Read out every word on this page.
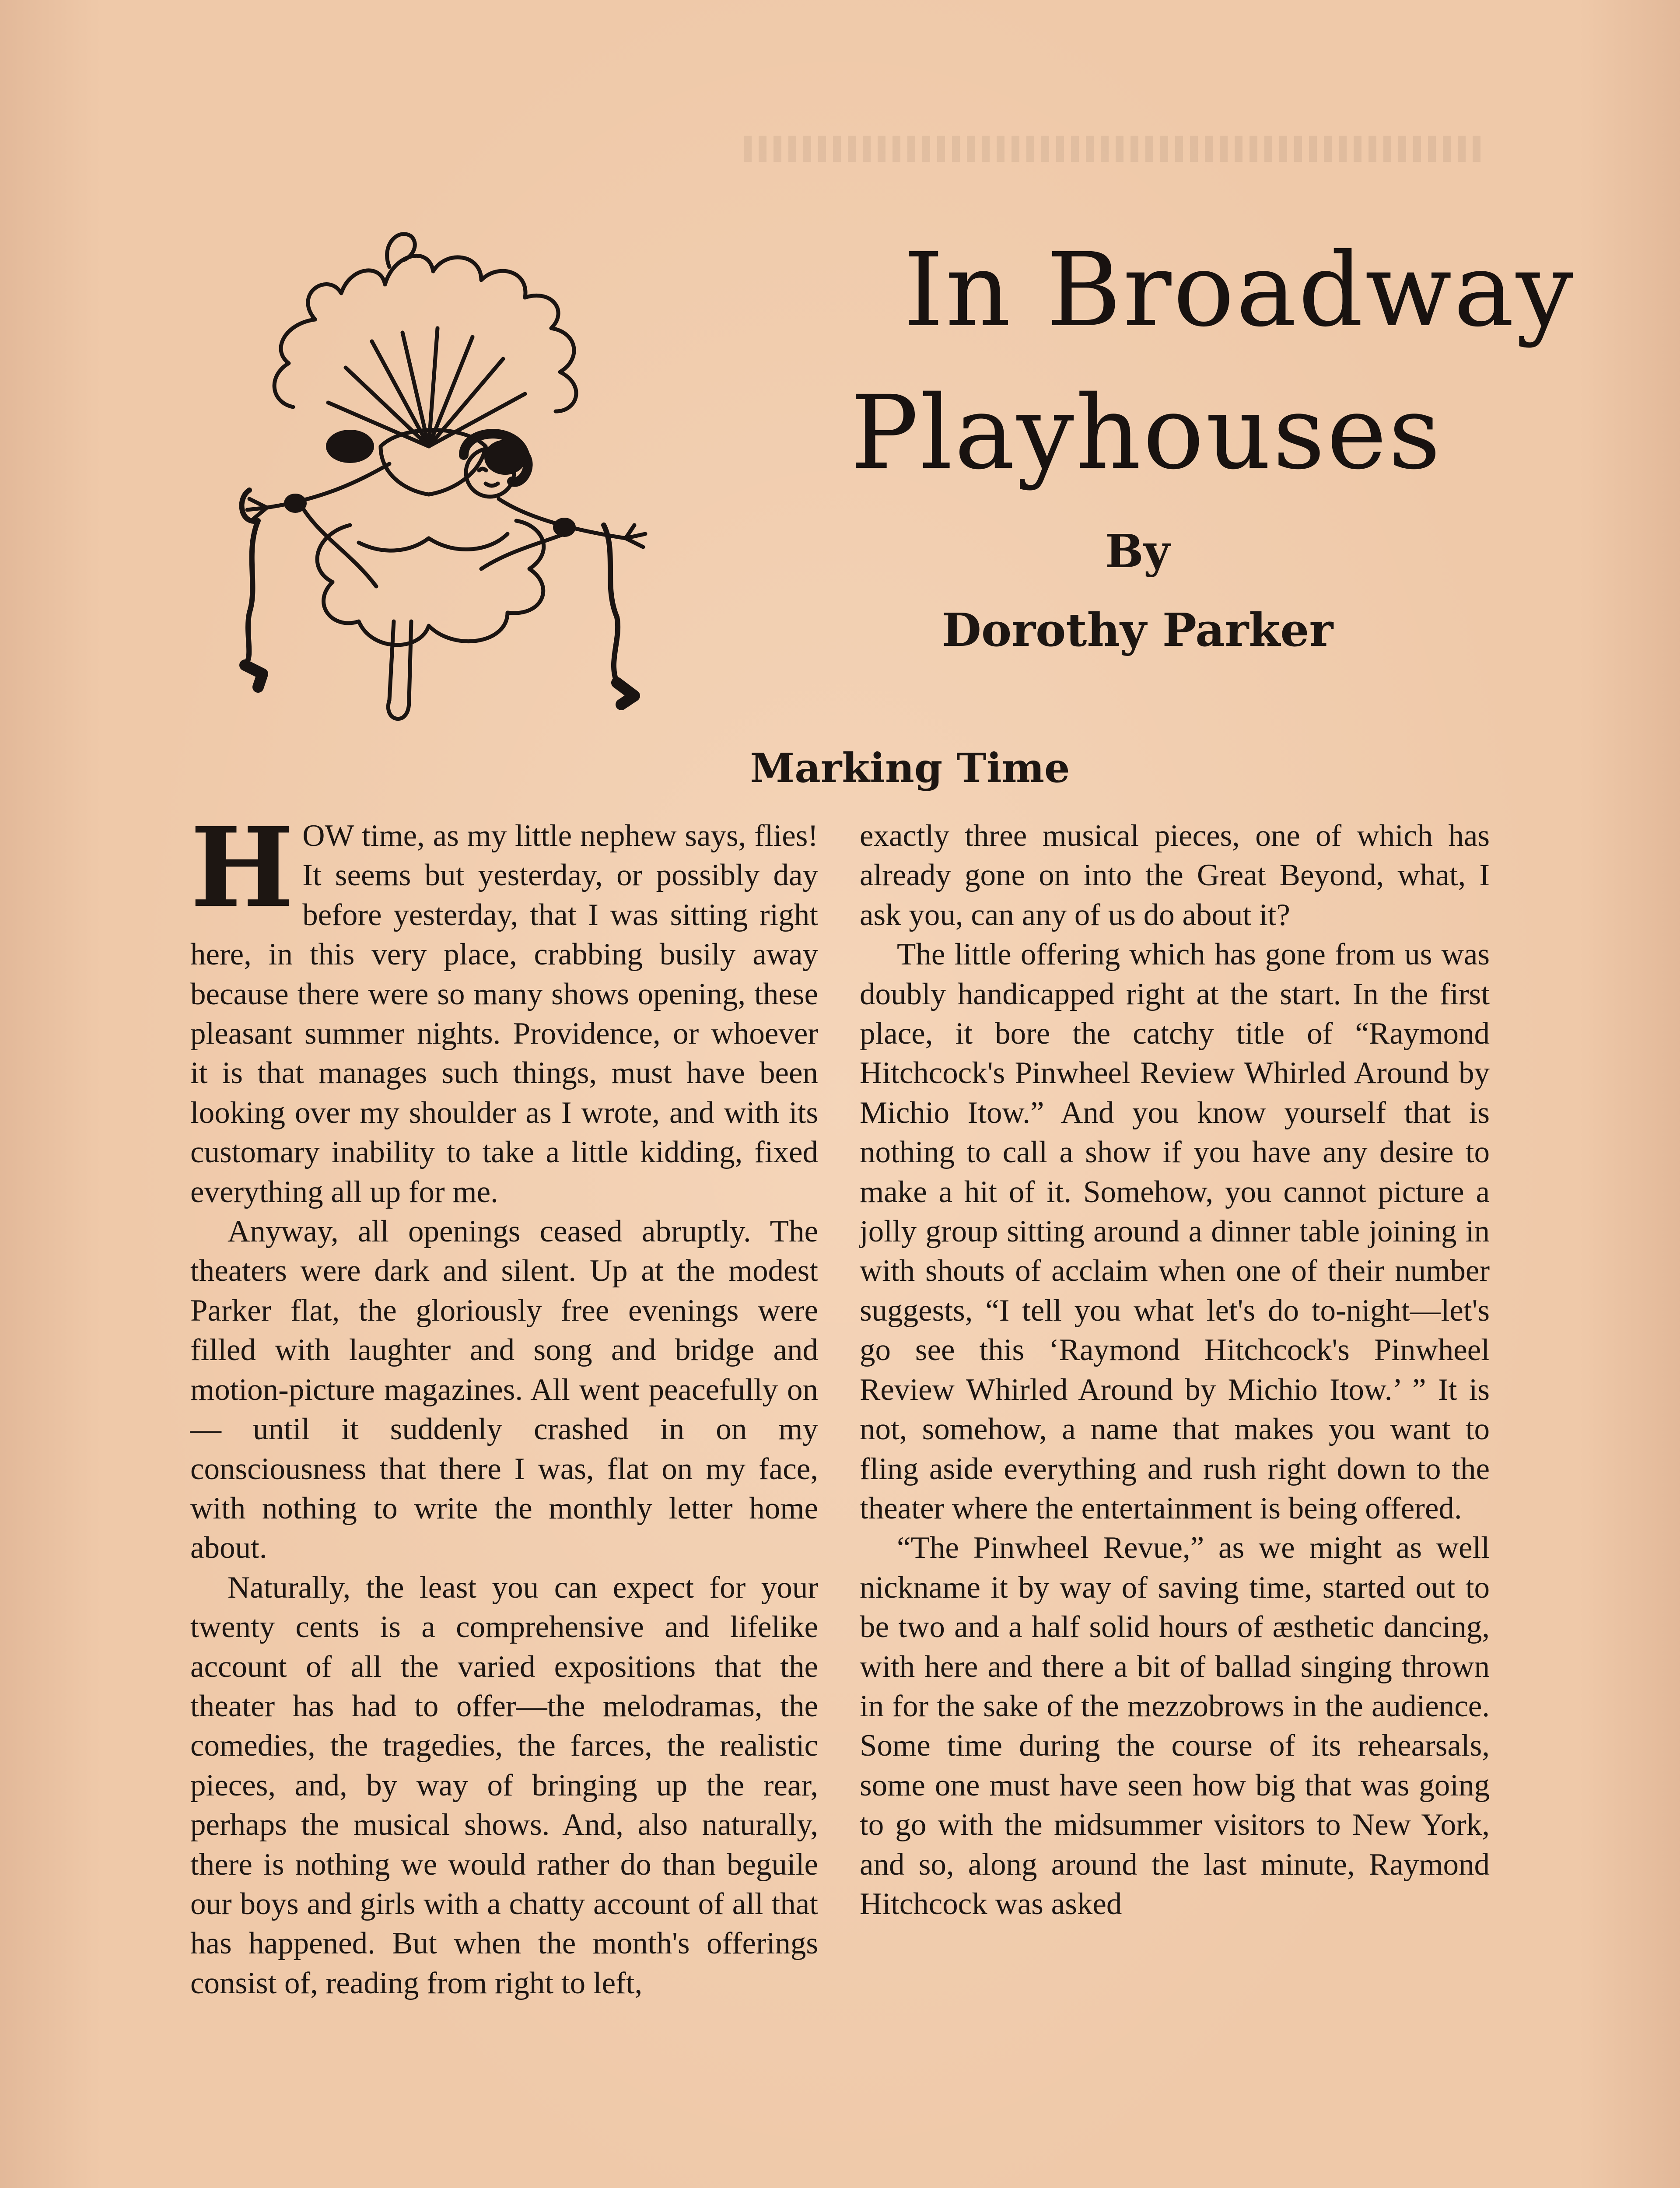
In Broadway
Playhouses
By
Dorothy Parker
Marking Time

HOW time, as my little nephew says, flies! It seems but yesterday, or possibly day before yesterday, that I was sitting right here, in this very place, crabbing busily away because there were so many shows opening, these pleasant summer nights. Providence, or whoever it is that manages such things, must have been looking over my shoulder as I wrote, and with its customary inability to take a little kidding, fixed everything all up for me.

Anyway, all openings ceased abruptly. The theaters were dark and silent. Up at the modest Parker flat, the gloriously free evenings were filled with laughter and song and bridge and motion-picture magazines. All went peacefully on— until it suddenly crashed in on my consciousness that there I was, flat on my face, with nothing to write the monthly letter home about.

Naturally, the least you can expect for your twenty cents is a comprehensive and lifelike account of all the varied expositions that the theater has had to offer—the melodramas, the comedies, the tragedies, the farces, the realistic pieces, and, by way of bringing up the rear, perhaps the musical shows. And, also naturally, there is nothing we would rather do than beguile our boys and girls with a chatty account of all that has happened. But when the month's offerings consist of, reading from right to left,

exactly three musical pieces, one of which has already gone on into the Great Beyond, what, I ask you, can any of us do about it?

The little offering which has gone from us was doubly handicapped right at the start. In the first place, it bore the catchy title of “Raymond Hitchcock's Pinwheel Review Whirled Around by Michio Itow.” And you know yourself that is nothing to call a show if you have any desire to make a hit of it. Somehow, you cannot picture a jolly group sitting around a dinner table joining in with shouts of acclaim when one of their number suggests, “I tell you what let's do to-night—let's go see this ‘Raymond Hitchcock's Pinwheel Review Whirled Around by Michio Itow.’ ” It is not, somehow, a name that makes you want to fling aside everything and rush right down to the theater where the entertainment is being offered.

“The Pinwheel Revue,” as we might as well nickname it by way of saving time, started out to be two and a half solid hours of æsthetic dancing, with here and there a bit of ballad singing thrown in for the sake of the mezzobrows in the audience. Some time during the course of its rehearsals, some one must have seen how big that was going to go with the midsummer visitors to New York, and so, along around the last minute, Raymond Hitchcock was asked
